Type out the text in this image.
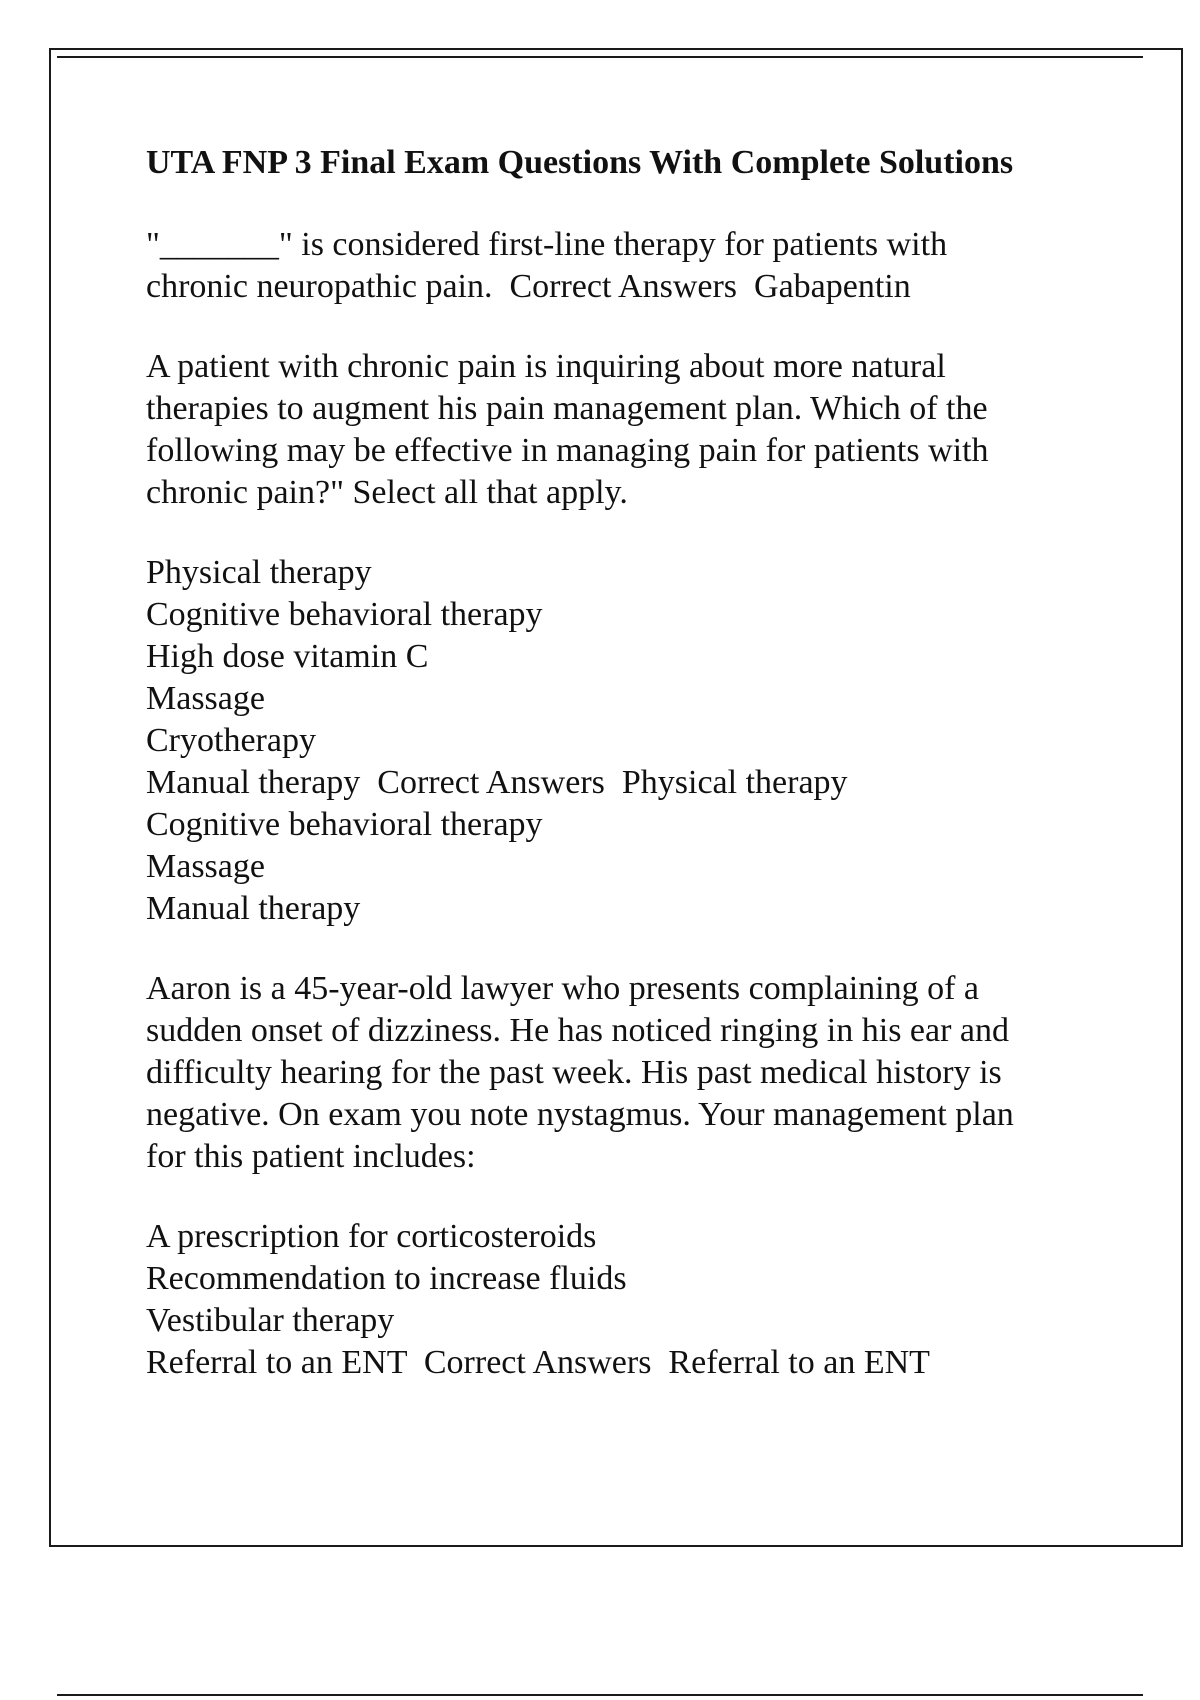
UTA FNP 3 Final Exam Questions With Complete Solutions
"_______" is considered first-line therapy for patients with
chronic neuropathic pain.  Correct Answers  Gabapentin
A patient with chronic pain is inquiring about more natural
therapies to augment his pain management plan. Which of the
following may be effective in managing pain for patients with
chronic pain?" Select all that apply.
Physical therapy
Cognitive behavioral therapy
High dose vitamin C
Massage
Cryotherapy
Manual therapy  Correct Answers  Physical therapy
Cognitive behavioral therapy
Massage
Manual therapy
Aaron is a 45-year-old lawyer who presents complaining of a
sudden onset of dizziness. He has noticed ringing in his ear and
difficulty hearing for the past week. His past medical history is
negative. On exam you note nystagmus. Your management plan
for this patient includes:
A prescription for corticosteroids
Recommendation to increase fluids
Vestibular therapy
Referral to an ENT  Correct Answers  Referral to an ENT
